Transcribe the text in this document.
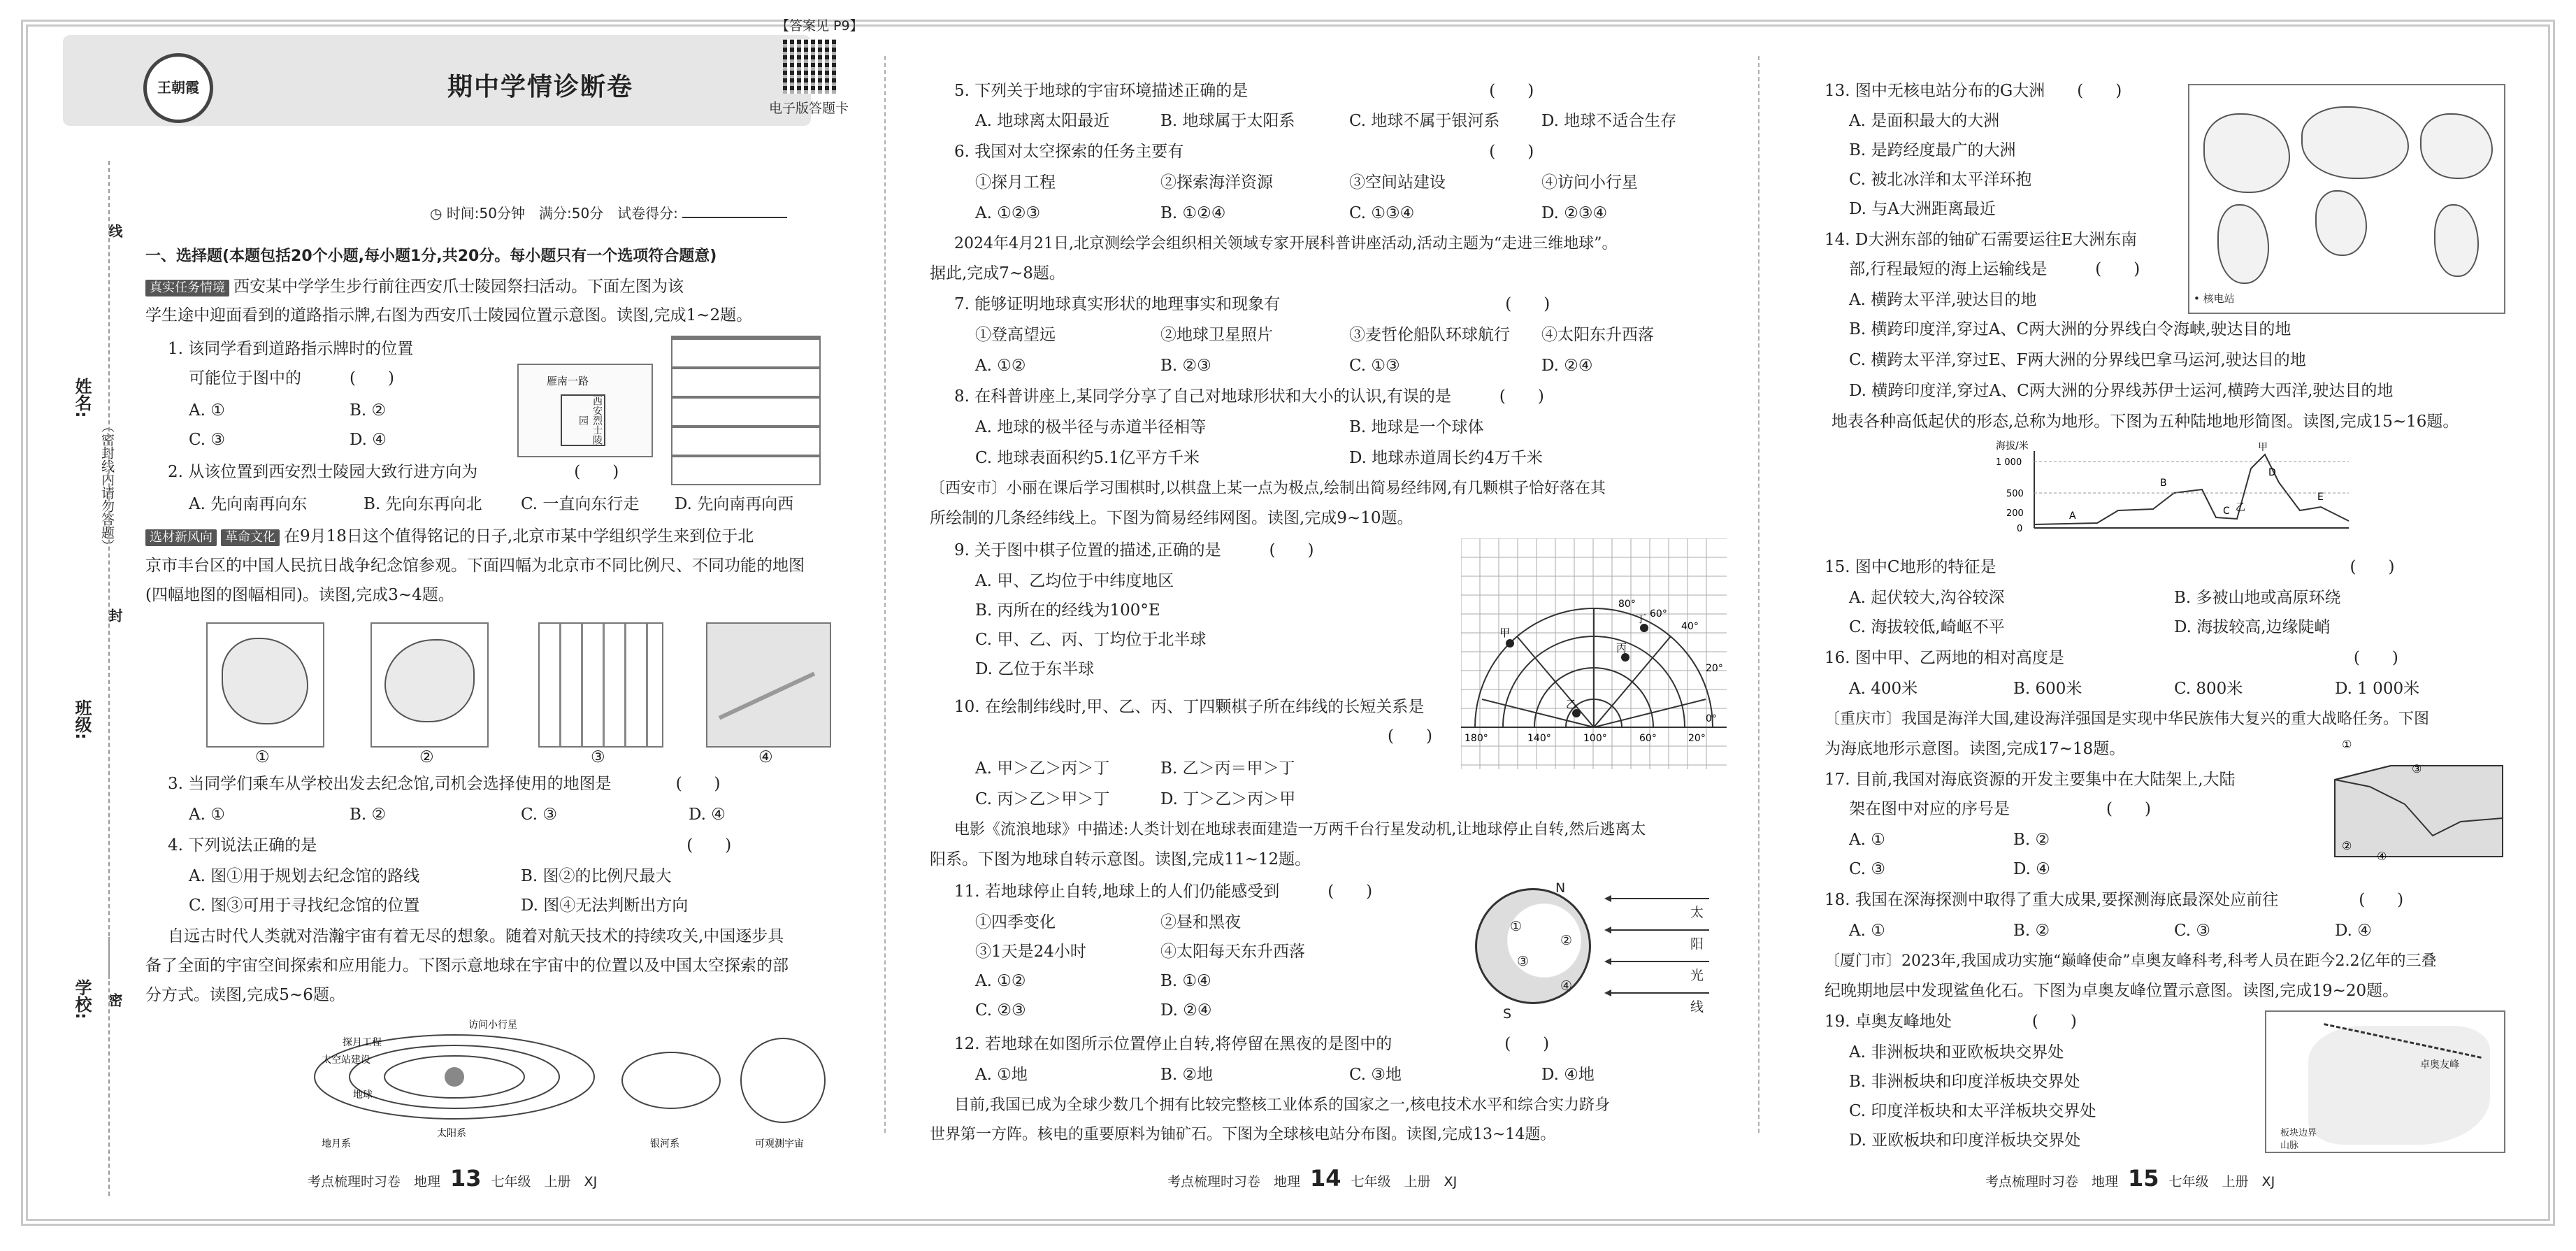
学校:
班级:
姓名:
（密封线内请勿答题）
线
封
密
王朝霞	期中学情诊断卷
【答案见 P9】
电子版答题卡
◷ 时间:50分钟　满分:50分　试卷得分:
一、选择题(本题包括20个小题,每小题1分,共20分。每小题只有一个选项符合题意)
真实任务情境 西安某中学学生步行前往西安爪士陵园祭扫活动。下面左图为该
学生途中迎面看到的道路指示牌,右图为西安爪士陵园位置示意图。读图,完成1~2题。
1. 该同学看到道路指示牌时的位置
可能位于图中的　　　(　　)
A. ①	B. ②
C. ③	D. ④
雁南一路
西安烈士陵园
2. 从该位置到西安烈士陵园大致行进方向为　　　　　　(　　)
A. 先向南再向东	B. 先向东再向北 C. 一直向东行走 D. 先向南再向西
选材新风向 革命文化 在9月18日这个值得铭记的日子,北京市某中学组织学生来到位于北
京市丰台区的中国人民抗日战争纪念馆参观。下面四幅为北京市不同比例尺、不同功能的地图
(四幅地图的图幅相同)。读图,完成3~4题。
①	②	③	④
3. 当同学们乘车从学校出发去纪念馆,司机会选择使用的地图是　　　　(　　)
A. ①	B. ②	C. ③	D. ④
4. 下列说法正确的是　　　　　　　　　　　　　　　　　　　　　　　(　　)
A. 图①用于规划去纪念馆的路线	B. 图②的比例尺最大
C. 图③可用于寻找纪念馆的位置	D. 图④无法判断出方向
自远古时代人类就对浩瀚宇宙有着无尽的想象。随着对航天技术的持续攻关,中国逐步具
备了全面的宇宙空间探索和应用能力。下图示意地球在宇宙中的位置以及中国太空探索的部
分方式。读图,完成5~6题。
探月工程
太阳系
访问小行星
银河系	可观测宇宙
地月系
太空站建设
地球
考点梳理时习卷　地理 13 七年级　上册　XJ
5. 下列关于地球的宇宙环境描述正确的是　　　　　　　　　　　　　　　(　　)
A. 地球离太阳最近	B. 地球属于太阳系	C. 地球不属于银河系	D. 地球不适合生存
6. 我国对太空探索的任务主要有　　　　　　　　　　　　　　　　　　　(　　)
①探月工程	②探索海洋资源	③空间站建设	④访问小行星
A. ①②③	B. ①②④	C. ①③④	D. ②③④
2024年4月21日,北京测绘学会组织相关领域专家开展科普讲座活动,活动主题为“走进三维地球”。
据此,完成7~8题。
7. 能够证明地球真实形状的地理事实和现象有　　　　　　　　　　　　　　(　　)
①登高望远	②地球卫星照片	③麦哲伦船队环球航行 ④太阳东升西落
A. ①②	B. ②③	C. ①③	D. ②④
8. 在科普讲座上,某同学分享了自己对地球形状和大小的认识,有误的是　　　(　　)
A. 地球的极半径与赤道半径相等	B. 地球是一个球体
C. 地球表面积约5.1亿平方千米	D. 地球赤道周长约4万千米
〔西安市〕小丽在课后学习围棋时,以棋盘上某一点为极点,绘制出简易经纬网,有几颗棋子恰好落在其
所绘制的几条经纬线上。下图为简易经纬网图。读图,完成9~10题。
9. 关于图中棋子位置的描述,正确的是　　　(　　)
A. 甲、乙均位于中纬度地区
B. 丙所在的经线为100°E
C. 甲、乙、丙、丁均位于北半球
D. 乙位于东半球
10. 在绘制纬线时,甲、乙、丙、丁四颗棋子所在纬线的长短关系是
(　　)
A. 甲＞乙＞丙＞丁	B. 乙＞丙＝甲＞丁
C. 丙＞乙＞甲＞丁	D. 丁＞乙＞丙＞甲
甲
乙
丙
丁
80°
60°
40°
20°
0°
180°	140°	100°	60°	20°
电影《流浪地球》中描述:人类计划在地球表面建造一万两千台行星发动机,让地球停止自转,然后逃离太
阳系。下图为地球自转示意图。读图,完成11~12题。
11. 若地球停止自转,地球上的人们仍能感受到　　　(　　)
①四季变化	②昼和黑夜
③1天是24小时	④太阳每天东升西落
A. ①②	B. ①④
C. ②③	D. ②④
N
S
①
②
③
④
太
阳
光
线
12. 若地球在如图所示位置停止自转,将停留在黑夜的是图中的　　　　　　　(　　)
A. ①地	B. ②地	C. ③地	D. ④地
目前,我国已成为全球少数几个拥有比较完整核工业体系的国家之一,核电技术水平和综合实力跻身
世界第一方阵。核电的重要原料为铀矿石。下图为全球核电站分布图。读图,完成13~14题。
考点梳理时习卷　地理 14 七年级　上册　XJ
13. 图中无核电站分布的G大洲　　(　　)
A. 是面积最大的大洲
B. 是跨经度最广的大洲
C. 被北冰洋和太平洋环抱
D. 与A大洲距离最近
14. D大洲东部的铀矿石需要运往E大洲东南
部,行程最短的海上运输线是　　　(　　)
A. 横跨太平洋,驶达目的地
B. 横跨印度洋,穿过A、C两大洲的分界线白令海峡,驶达目的地
C. 横跨太平洋,穿过E、F两大洲的分界线巴拿马运河,驶达目的地
D. 横跨印度洋,穿过A、C两大洲的分界线苏伊士运河,横跨大西洋,驶达目的地
• 核电站
地表各种高低起伏的形态,总称为地形。下图为五种陆地地形简图。读图,完成15~16题。
海拔/米
1 000
500
200
0
A
B
C
D
E
甲
乙
15. 图中C地形的特征是　　　　　　　　　　　　　　　　　　　　　　(　　)
A. 起伏较大,沟谷较深	B. 多被山地或高原环绕
C. 海拔较低,崎岖不平	D. 海拔较高,边缘陡峭
16. 图中甲、乙两地的相对高度是　　　　　　　　　　　　　　　　　　(　　)
A. 400米	B. 600米	C. 800米	D. 1 000米
〔重庆市〕我国是海洋大国,建设海洋强国是实现中华民族伟大复兴的重大战略任务。下图
为海底地形示意图。读图,完成17~18题。
17. 目前,我国对海底资源的开发主要集中在大陆架上,大陆
架在图中对应的序号是　　　　　　(　　)
A. ①	B. ②
C. ③	D. ④
①
②
③
④
18. 我国在深海探测中取得了重大成果,要探测海底最深处应前往　　　　　(　　)
A. ①	B. ②	C. ③	D. ④
〔厦门市〕2023年,我国成功实施“巅峰使命”卓奥友峰科考,科考人员在距今2.2亿年的三叠
纪晚期地层中发现鲨鱼化石。下图为卓奥友峰位置示意图。读图,完成19~20题。
19. 卓奥友峰地处　　　　　(　　)
A. 非洲板块和亚欧板块交界处
B. 非洲板块和印度洋板块交界处
C. 印度洋板块和太平洋板块交界处
D. 亚欧板块和印度洋板块交界处
卓奥友峰
板块边界
山脉
考点梳理时习卷　地理 15 七年级　上册　XJ
